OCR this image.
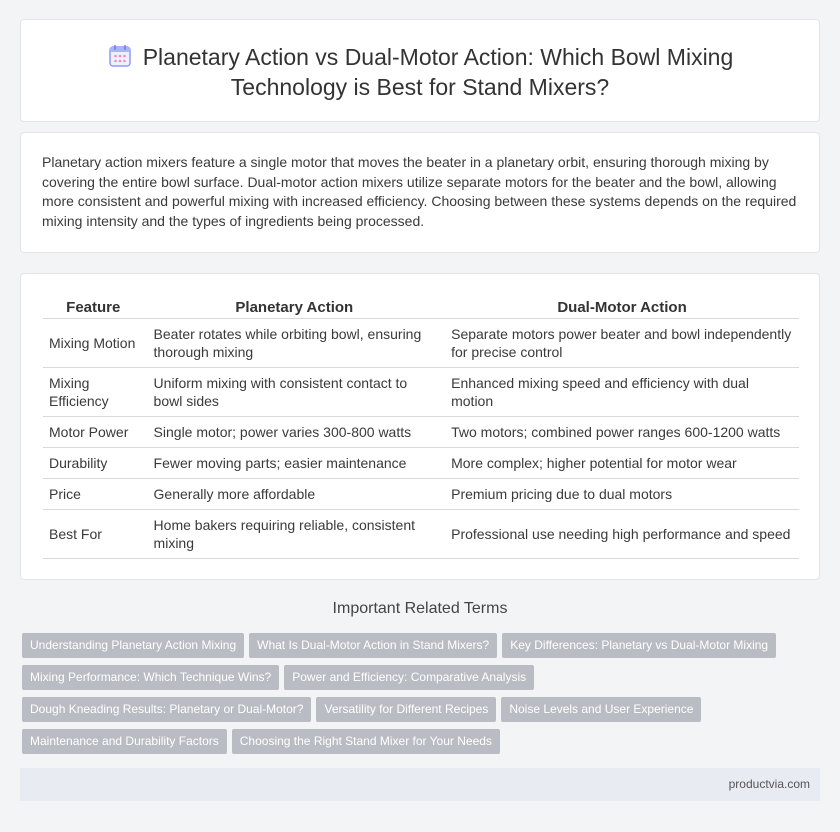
Planetary Action vs Dual-Motor Action: Which Bowl Mixing Technology is Best for Stand Mixers?

Planetary action mixers feature a single motor that moves the beater in a planetary orbit, ensuring thorough mixing by covering the entire bowl surface. Dual-motor action mixers utilize separate motors for the beater and the bowl, allowing more consistent and powerful mixing with increased efficiency. Choosing between these systems depends on the required mixing intensity and the types of ingredients being processed.

Feature		Planetary Action		Dual-Motor Action
Mixing Motion		Beater rotates while orbiting bowl, ensuring thorough mixing		Separate motors power beater and bowl independently for precise control
Mixing Efficiency		Uniform mixing with consistent contact to bowl sides		Enhanced mixing speed and efficiency with dual motion
Motor Power		Single motor; power varies 300-800 watts		Two motors; combined power ranges 600-1200 watts
Durability		Fewer moving parts; easier maintenance		More complex; higher potential for motor wear
Price		Generally more affordable		Premium pricing due to dual motors
Best For		Home bakers requiring reliable, consistent mixing		Professional use needing high performance and speed
Important Related Terms
Understanding Planetary Action Mixing What Is Dual-Motor Action in Stand Mixers? Key Differences: Planetary vs Dual-Motor Mixing
Mixing Performance: Which Technique Wins? Power and Efficiency: Comparative Analysis
Dough Kneading Results: Planetary or Dual-Motor? Versatility for Different Recipes Noise Levels and User Experience
Maintenance and Durability Factors Choosing the Right Stand Mixer for Your Needs
productvia.com
